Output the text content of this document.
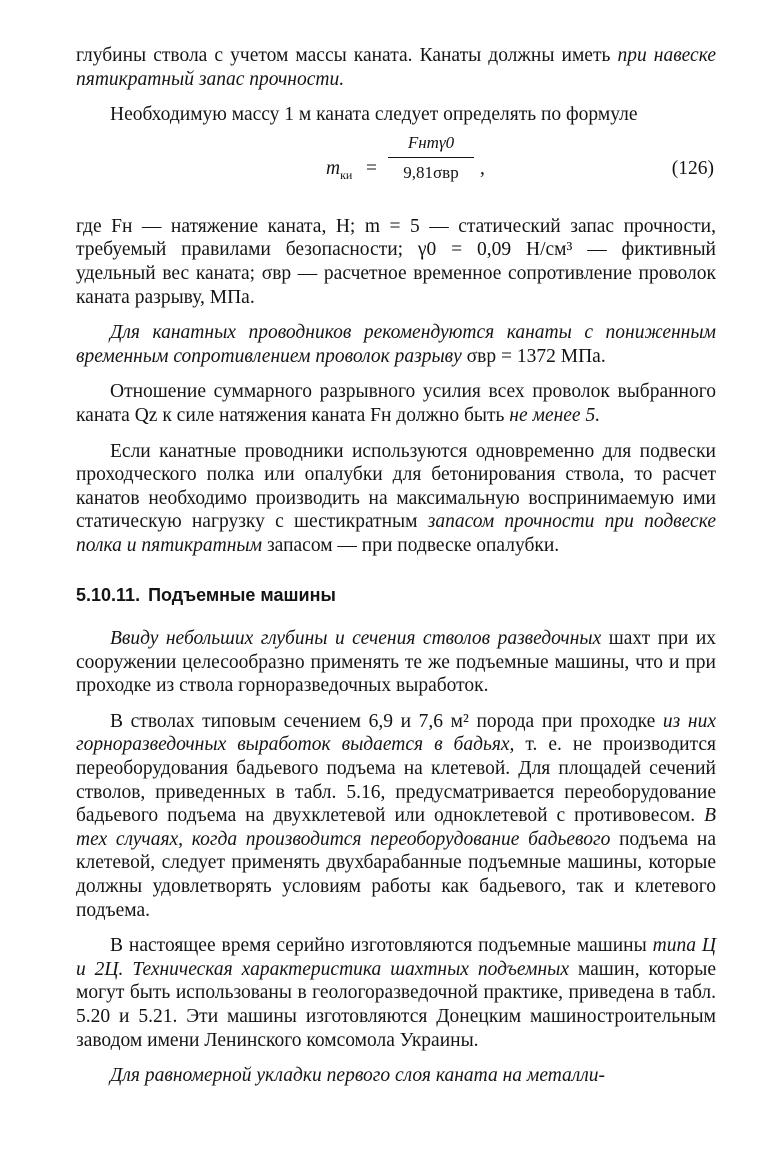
глубины ствола с учетом массы каната. Канаты должны иметь при навеске пятикратный запас прочности.

Необходимую массу 1 м каната следует определять по формуле

$m_{ки}$ =
Fнmγ0
9,81σвр	,	(126)

где Fн — натяжение каната, Н; m = 5 — статический запас прочности, требуемый правилами безопасности; γ0 = 0,09 Н/см³ — фиктивный удельный вес каната; σвр — расчетное временное сопротивление проволок каната разрыву, МПа.

Для канатных проводников рекомендуются канаты с пониженным временным сопротивлением проволок разрыву σвр = 1372 МПа.

Отношение суммарного разрывного усилия всех проволок выбранного каната Qz к силе натяжения каната Fн должно быть не менее 5.

Если канатные проводники используются одновременно для подвески проходческого полка или опалубки для бетонирования ствола, то расчет канатов необходимо производить на максимальную воспринимаемую ими статическую нагрузку с шестикратным запасом прочности при подвеске полка и пятикратным запасом — при подвеске опалубки.

5.10.11. Подъемные машины

Ввиду небольших глубины и сечения стволов разведочных шахт при их сооружении целесообразно применять те же подъемные машины, что и при проходке из ствола горноразведочных выработок.

В стволах типовым сечением 6,9 и 7,6 м² порода при проходке из них горноразведочных выработок выдается в бадьях, т. е. не производится переоборудования бадьевого подъема на клетевой. Для площадей сечений стволов, приведенных в табл. 5.16, предусматривается переоборудование бадьевого подъема на двухклетевой или одноклетевой с противовесом. В тех случаях, когда производится переоборудование бадьевого подъема на клетевой, следует применять двухбарабанные подъемные машины, которые должны удовлетворять условиям работы как бадьевого, так и клетевого подъема.

В настоящее время серийно изготовляются подъемные машины типа Ц и 2Ц. Техническая характеристика шахтных подъемных машин, которые могут быть использованы в геологоразведочной практике, приведена в табл. 5.20 и 5.21. Эти машины изготовляются Донецким машиностроительным заводом имени Ленинского комсомола Украины.

Для равномерной укладки первого слоя каната на металли-
